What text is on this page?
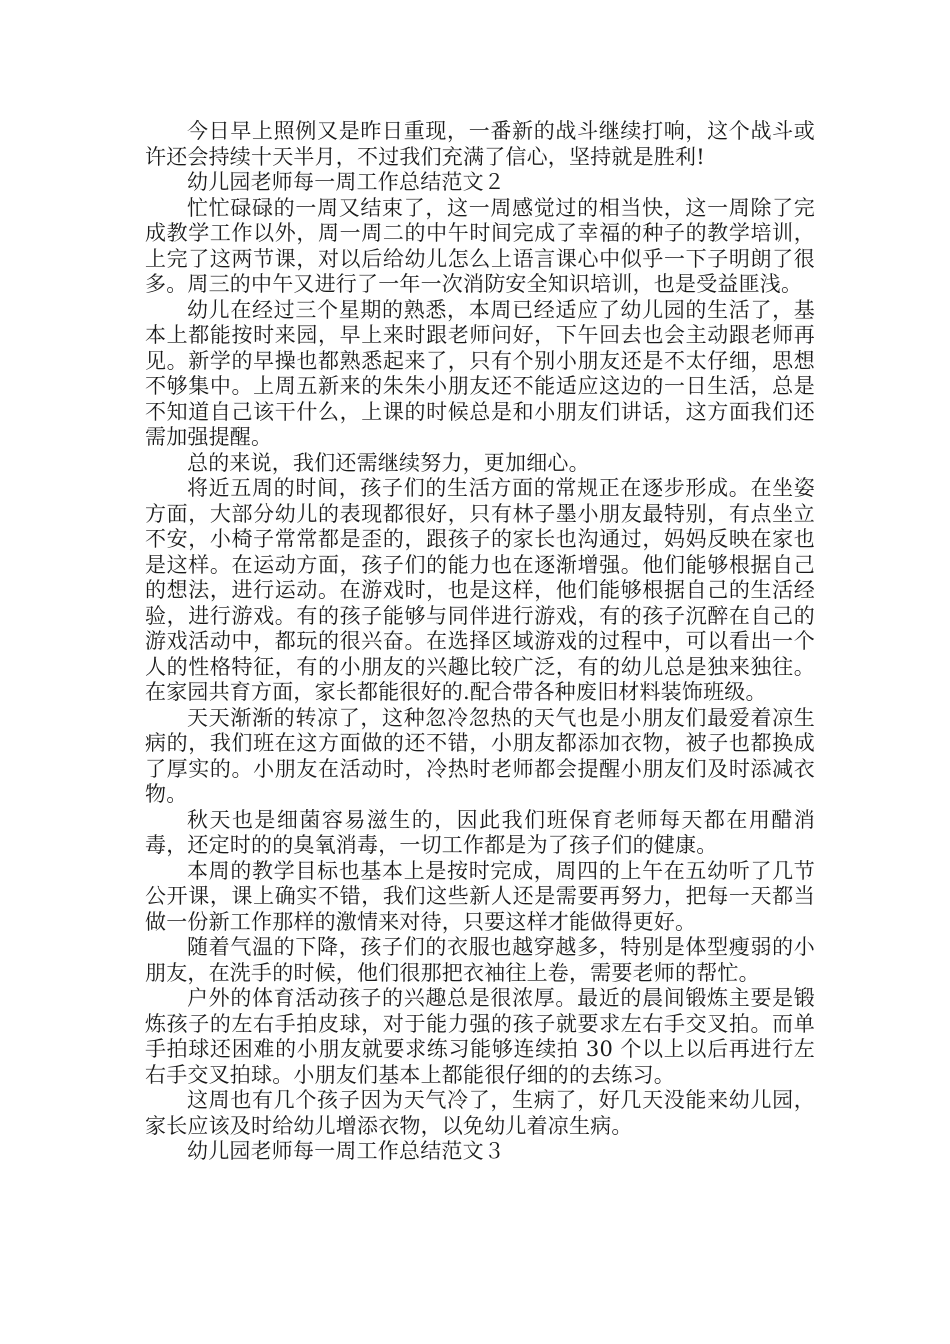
今日早上照例又是昨日重现，一番新的战斗继续打响，这个战斗或许还会持续十天半月，不过我们充满了信心，坚持就是胜利!

幼儿园老师每一周工作总结范文２

忙忙碌碌的一周又结束了，这一周感觉过的相当快，这一周除了完成教学工作以外，周一周二的中午时间完成了幸福的种子的教学培训，上完了这两节课，对以后给幼儿怎么上语言课心中似乎一下子明朗了很多。周三的中午又进行了一年一次消防安全知识培训，也是受益匪浅。

幼儿在经过三个星期的熟悉，本周已经适应了幼儿园的生活了，基本上都能按时来园，早上来时跟老师问好，下午回去也会主动跟老师再见。新学的早操也都熟悉起来了，只有个别小朋友还是不太仔细，思想不够集中。上周五新来的朱朱小朋友还不能适应这边的一日生活，总是不知道自己该干什么，上课的时候总是和小朋友们讲话，这方面我们还需加强提醒。

总的来说，我们还需继续努力，更加细心。

将近五周的时间，孩子们的生活方面的常规正在逐步形成。在坐姿方面，大部分幼儿的表现都很好，只有林子墨小朋友最特别，有点坐立不安，小椅子常常都是歪的，跟孩子的家长也沟通过，妈妈反映在家也是这样。在运动方面，孩子们的能力也在逐渐增强。他们能够根据自己的想法，进行运动。在游戏时，也是这样，他们能够根据自己的生活经验，进行游戏。有的孩子能够与同伴进行游戏，有的孩子沉醉在自己的游戏活动中，都玩的很兴奋。在选择区域游戏的过程中，可以看出一个人的性格特征，有的小朋友的兴趣比较广泛，有的幼儿总是独来独往。在家园共育方面，家长都能很好的.配合带各种废旧材料装饰班级。

天天渐渐的转凉了，这种忽冷忽热的天气也是小朋友们最爱着凉生病的，我们班在这方面做的还不错，小朋友都添加衣物，被子也都换成了厚实的。小朋友在活动时，冷热时老师都会提醒小朋友们及时添减衣物。

秋天也是细菌容易滋生的，因此我们班保育老师每天都在用醋消毒，还定时的的臭氧消毒，一切工作都是为了孩子们的健康。

本周的教学目标也基本上是按时完成，周四的上午在五幼听了几节公开课，课上确实不错，我们这些新人还是需要再努力，把每一天都当做一份新工作那样的激情来对待，只要这样才能做得更好。

随着气温的下降，孩子们的衣服也越穿越多，特别是体型瘦弱的小朋友，在洗手的时候，他们很那把衣袖往上卷，需要老师的帮忙。

户外的体育活动孩子的兴趣总是很浓厚。最近的晨间锻炼主要是锻炼孩子的左右手拍皮球，对于能力强的孩子就要求左右手交叉拍。而单手拍球还困难的小朋友就要求练习能够连续拍 30 个以上以后再进行左右手交叉拍球。小朋友们基本上都能很仔细的的去练习。

这周也有几个孩子因为天气冷了，生病了，好几天没能来幼儿园，家长应该及时给幼儿增添衣物，以免幼儿着凉生病。

幼儿园老师每一周工作总结范文３
